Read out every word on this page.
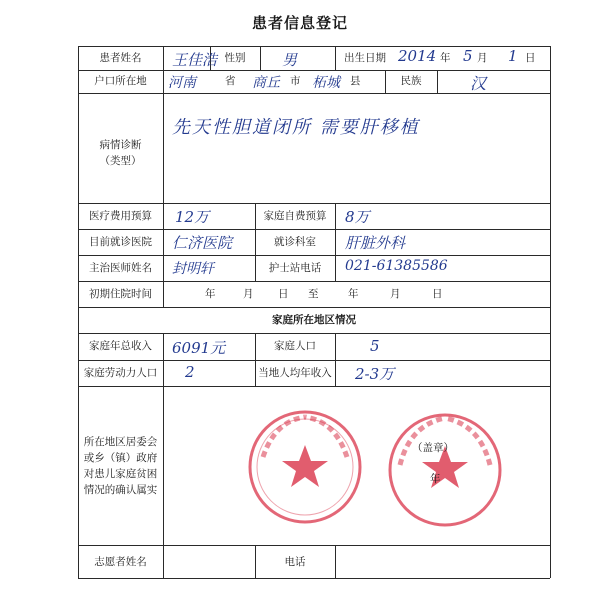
患者信息登记
患者姓名	王佳浩 性别	男	出生日期 2014 年 5 月 1 日
户口所在地	河南	省 商丘 市 柘城 县	民族	汉
病情诊断
（类型）
先天性胆道闭所 需要肝移植
医疗费用预算	12万	家庭自费预算	8万
目前就诊医院	仁济医院	就诊科室	肝脏外科
主治医师姓名	封明轩	护士站电话	021-61385586
初期住院时间	年	月 日 至	年	月	日
家庭所在地区情况
家庭年总收入	6091元	家庭人口	5
家庭劳动力人口	2	当地人均年收入 2-3万
所在地区居委会
或乡（镇）政府
对患儿家庭贫困
情况的确认属实
（盖章）
年
志愿者姓名	电话
